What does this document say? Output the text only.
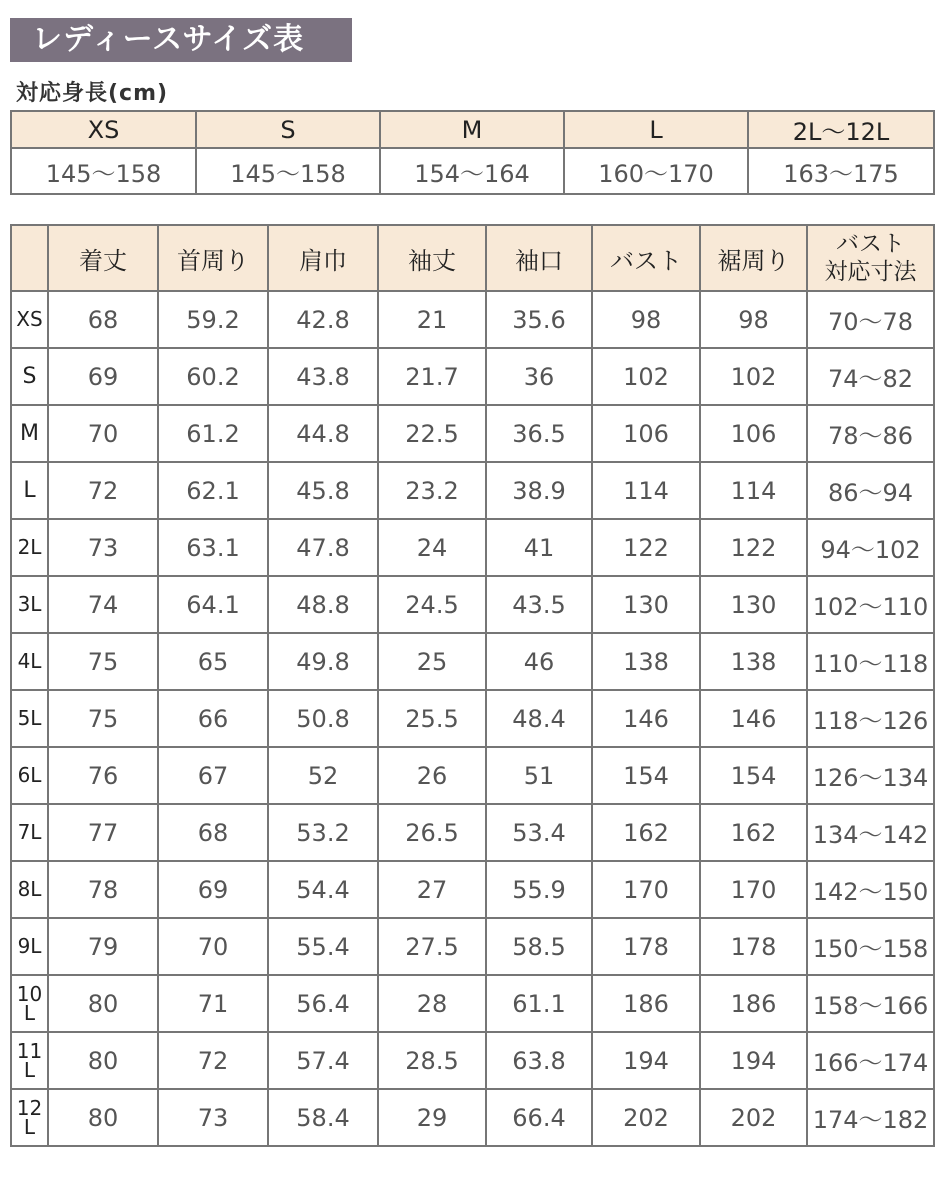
レディースサイズ表
対応身長(cm)
XS	S	M	L	2L〜12L
145〜158	145〜158	154〜164	160〜170	163〜175
	着丈	首周り	肩巾	袖丈	袖口	バスト	裾周り	バスト
対応寸法
XS	68	59.2	42.8	21	35.6	98	98	70〜78
S	69	60.2	43.8	21.7	36	102	102	74〜82
M	70	61.2	44.8	22.5	36.5	106	106	78〜86
L	72	62.1	45.8	23.2	38.9	114	114	86〜94
2L	73	63.1	47.8	24	41	122	122	94〜102
3L	74	64.1	48.8	24.5	43.5	130	130	102〜110
4L	75	65	49.8	25	46	138	138	110〜118
5L	75	66	50.8	25.5	48.4	146	146	118〜126
6L	76	67	52	26	51	154	154	126〜134
7L	77	68	53.2	26.5	53.4	162	162	134〜142
8L	78	69	54.4	27	55.9	170	170	142〜150
9L	79	70	55.4	27.5	58.5	178	178	150〜158
10L	80	71	56.4	28	61.1	186	186	158〜166
11L	80	72	57.4	28.5	63.8	194	194	166〜174
12L	80	73	58.4	29	66.4	202	202	174〜182
